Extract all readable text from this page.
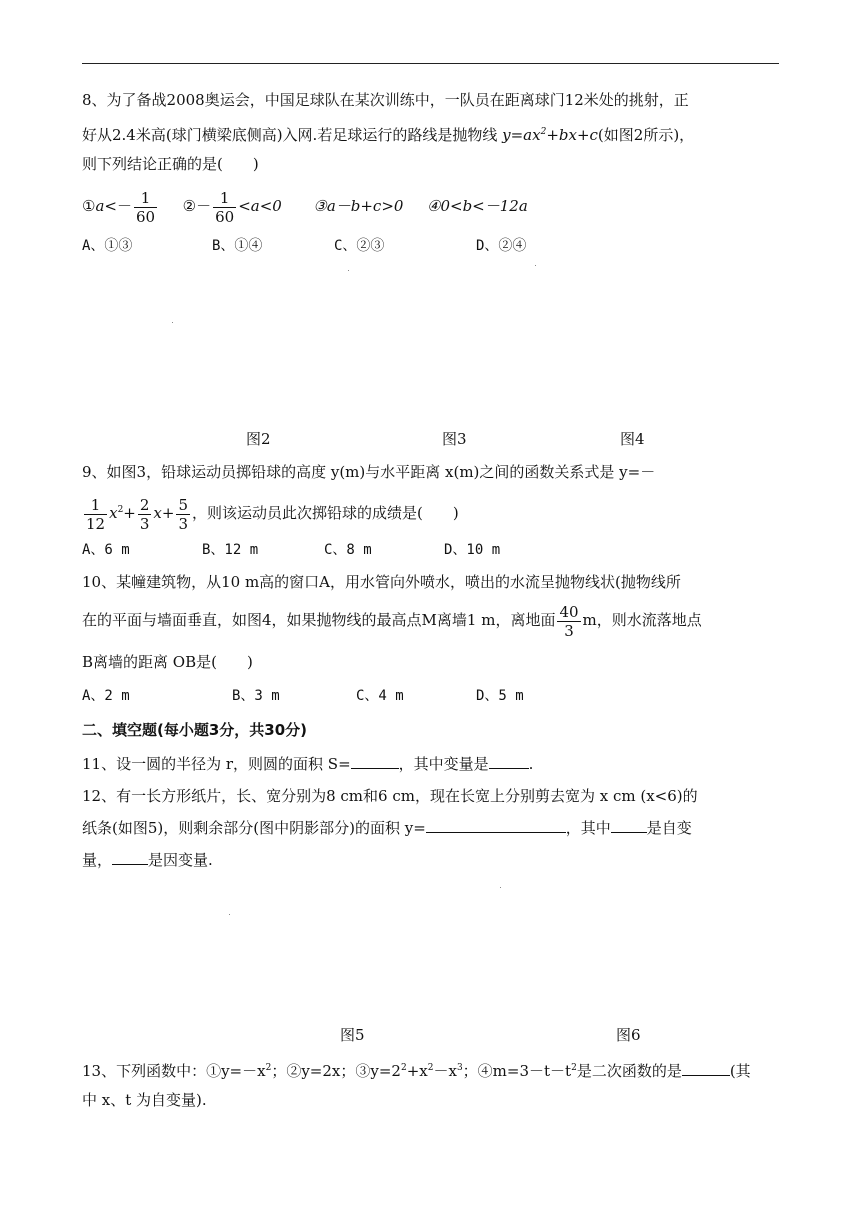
8、为了备战2008奥运会，中国足球队在某次训练中，一队员在距离球门12米处的挑射，正
好从2.4米高(球门横梁底侧高)入网.若足球运行的路线是抛物线 $y=ax^2+bx+c$(如图2所示)，
则下列结论正确的是(　　)
①a<－ $\frac{1}{60}$ ②－ $\frac{1}{60} <a<0$ ③a－b+c>0 ④0<b<－12a
A、①③	B、①④	C、②③	D、②④
图2	图3	图4
9、如图3，铅球运动员掷铅球的高度 y(m)与水平距离 x(m)之间的函数关系式是 y=－
$\frac{1}{12} x^2+ \frac{2}{3} x+ \frac{5}{3}$ ，则该运动员此次掷铅球的成绩是(　　)
A、6 m	B、12 m	C、8 m	D、10 m
10、某幢建筑物，从10 m高的窗口A，用水管向外喷水，喷出的水流呈抛物线状(抛物线所
在的平面与墙面垂直，如图4，如果抛物线的最高点M离墙1 m，离地面 $\frac{40}{3}$ m，则水流落地点
B离墙的距离 OB是(　　)
A、2 m	B、3 m	C、4 m	D、5 m
二、填空题(每小题3分，共30分)
11、设一圆的半径为 r，则圆的面积 S=	，其中变量是	.
12、有一长方形纸片，长、宽分别为8 cm和6 cm，现在长宽上分别剪去宽为 x cm (x<6)的
纸条(如图5)，则剩余部分(图中阴影部分)的面积 y=	，其中 是自变
量， 是因变量.
图5	图6
13、下列函数中：$①y=-x^2$；②y=2x；$③y=2^2+x^2-x^3$；$④m=3-t-t^2$是二次函数的是	(其
中 x、t 为自变量).
